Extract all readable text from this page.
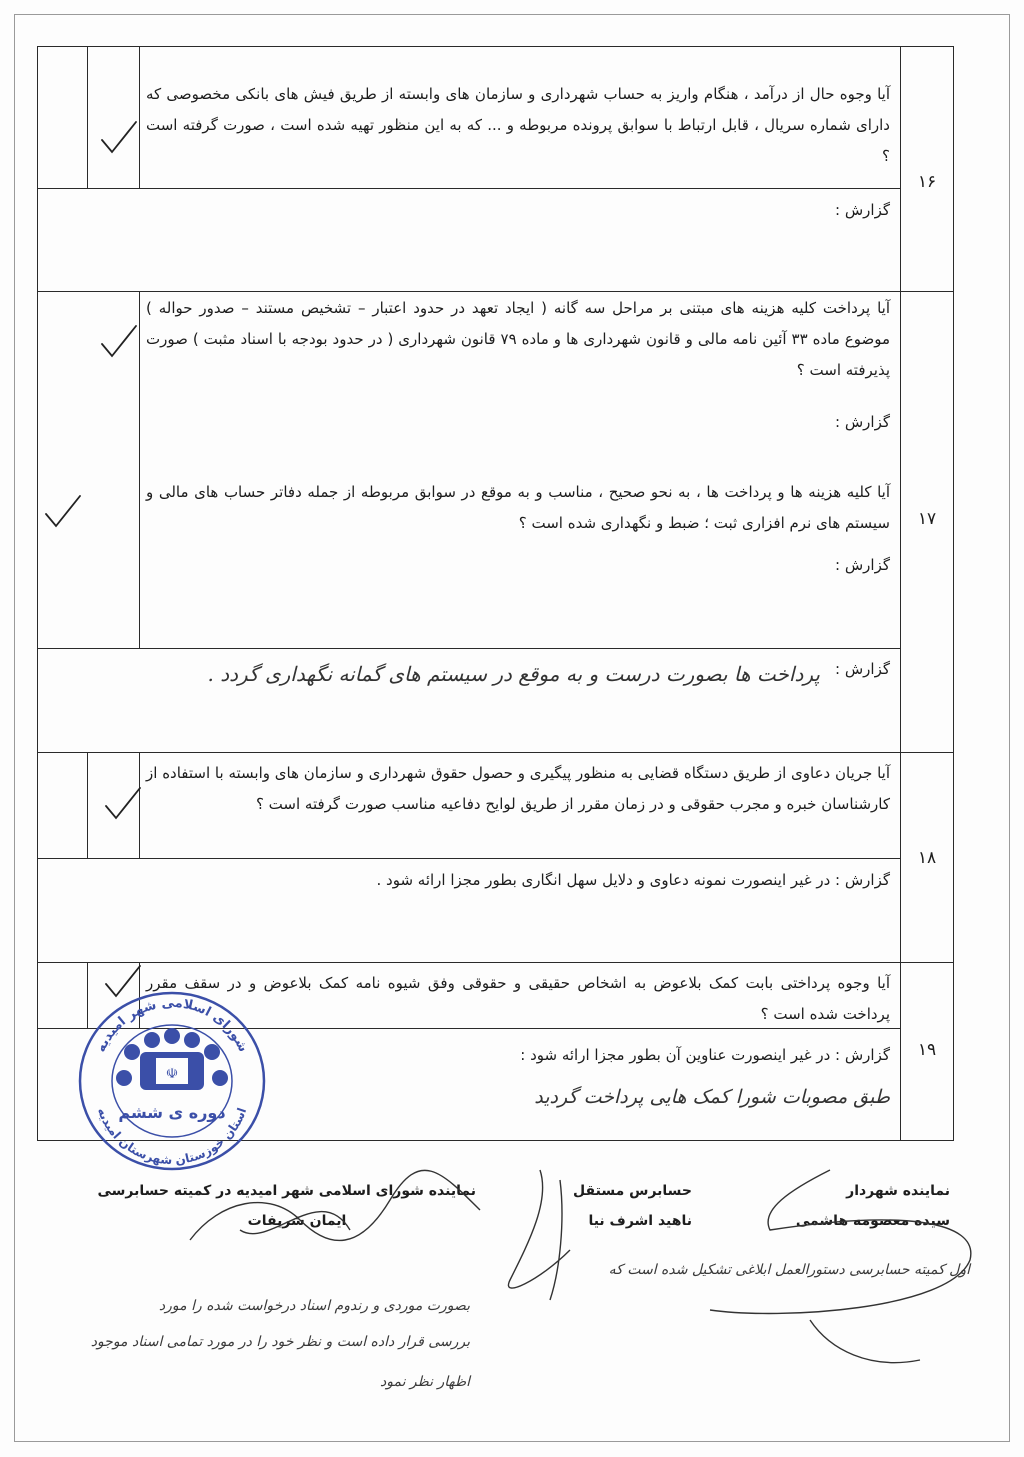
۱۶

آیا وجوه حال از درآمد ، هنگام واریز به حساب شهرداری و سازمان های وابسته از طریق فیش های بانکی مخصوصی که دارای شماره سریال ، قابل ارتباط با سوابق پرونده مربوطه و ... که به این منظور تهیه شده است ، صورت گرفته است ؟

گزارش :

۱۷

آیا پرداخت کلیه هزینه های مبتنی بر مراحل سه گانه ( ایجاد تعهد در حدود اعتبار – تشخیص مستند – صدور حواله ) موضوع ماده ۳۳ آئین نامه مالی و قانون شهرداری ها و ماده ۷۹ قانون شهرداری ( در حدود بودجه با اسناد مثبت ) صورت پذیرفته است ؟

گزارش :

آیا کلیه هزینه ها و پرداخت ها ، به نحو صحیح ، مناسب و به موقع در سوابق مربوطه از جمله دفاتر حساب های مالی و سیستم های نرم افزاری ثبت ؛ ضبط و نگهداری شده است ؟

گزارش :

گزارش :

پرداخت ها بصورت درست و به موقع در سیستم های گمانه نگهداری گردد .
۱۸

آیا جریان دعاوی از طریق دستگاه قضایی به منظور پیگیری و حصول حقوق شهرداری و سازمان های وابسته با استفاده از کارشناسان خبره و مجرب حقوقی و در زمان مقرر از طریق لوایح دفاعیه مناسب صورت گرفته است ؟

گزارش : در غیر اینصورت نمونه دعاوی و دلایل سهل انگاری بطور مجزا ارائه شود .

۱۹

آیا وجوه پرداختی بابت کمک بلاعوض به اشخاص حقیقی و حقوقی وفق شیوه نامه کمک بلاعوض و در سقف مقرر پرداخت شده است ؟

گزارش : در غیر اینصورت عناوین آن بطور مجزا ارائه شود :

طبق مصوبات شورا کمک هایی پرداخت گردید
☫
شورای اسلامی شهر امیدیه
دوره ی ششم
استان خوزستان شهرستان امیدیه
نماینده شورای اسلامی شهر امیدیه در کمیته حسابرسی
ایمان شریفات
حسابرس مستقل
ناهید اشرف نیا
نماینده شهردار
سیده معصومه هاشمی
اول کمیته حسابرسی دستورالعمل ابلاغی تشکیل شده است که
بصورت موردی و رندوم اسناد درخواست شده را مورد
بررسی قرار داده است و نظر خود را در مورد تمامی اسناد موجود
اظهار نظر نمود
